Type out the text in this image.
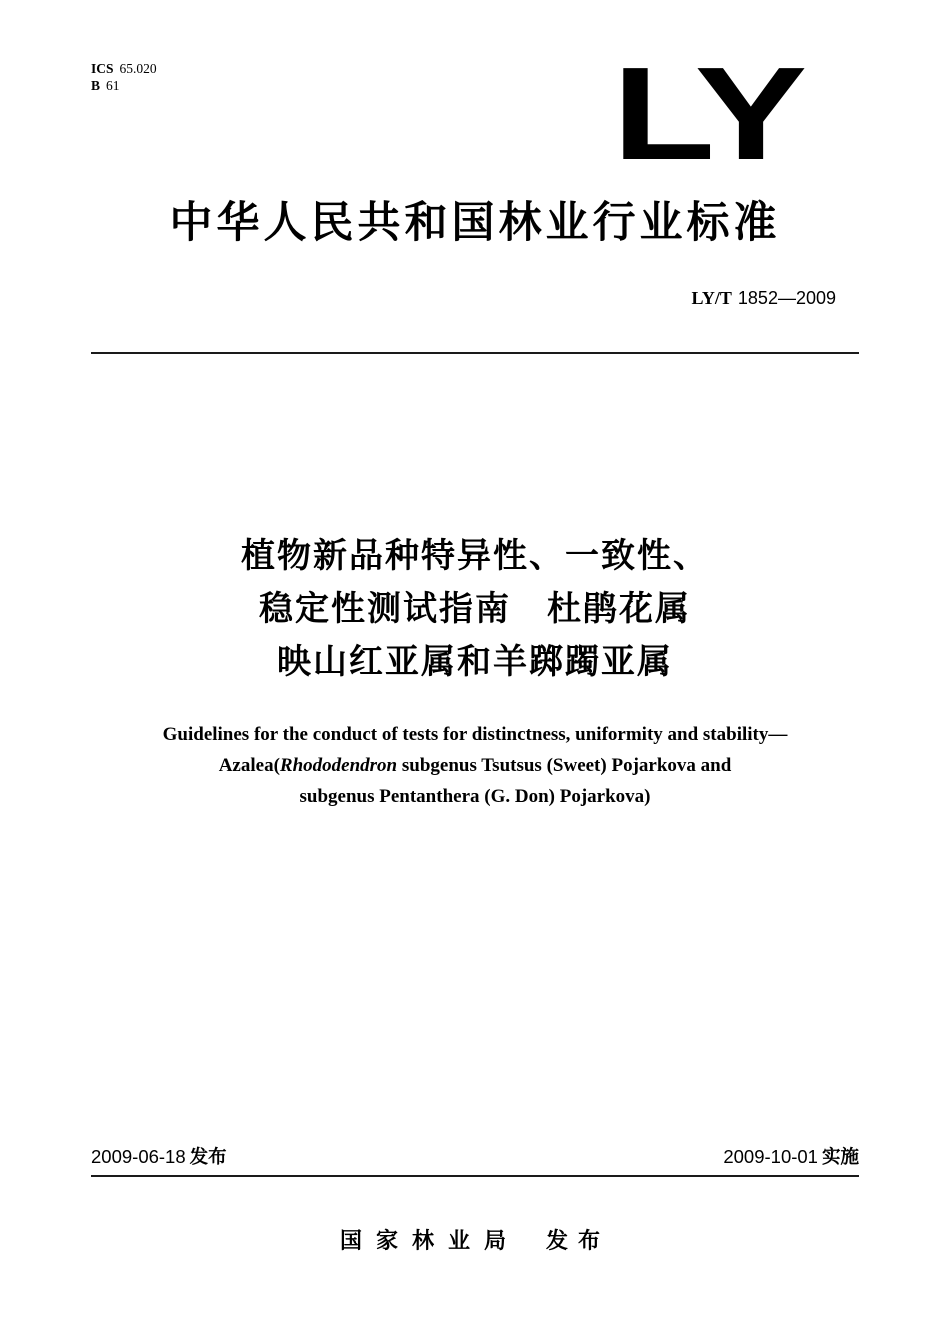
ICS 65.020
B 61	LY
中华人民共和国林业行业标准
LY/T 1852—2009
植物新品种特异性、一致性、
稳定性测试指南　杜鹃花属
映山红亚属和羊踯躅亚属
Guidelines for the conduct of tests for distinctness, uniformity and stability—
Azalea(Rhododendron subgenus Tsutsus (Sweet) Pojarkova and
subgenus Pentanthera (G. Don) Pojarkova)
2009-06-18 发布	2009-10-01 实施
国家林业局 发布
